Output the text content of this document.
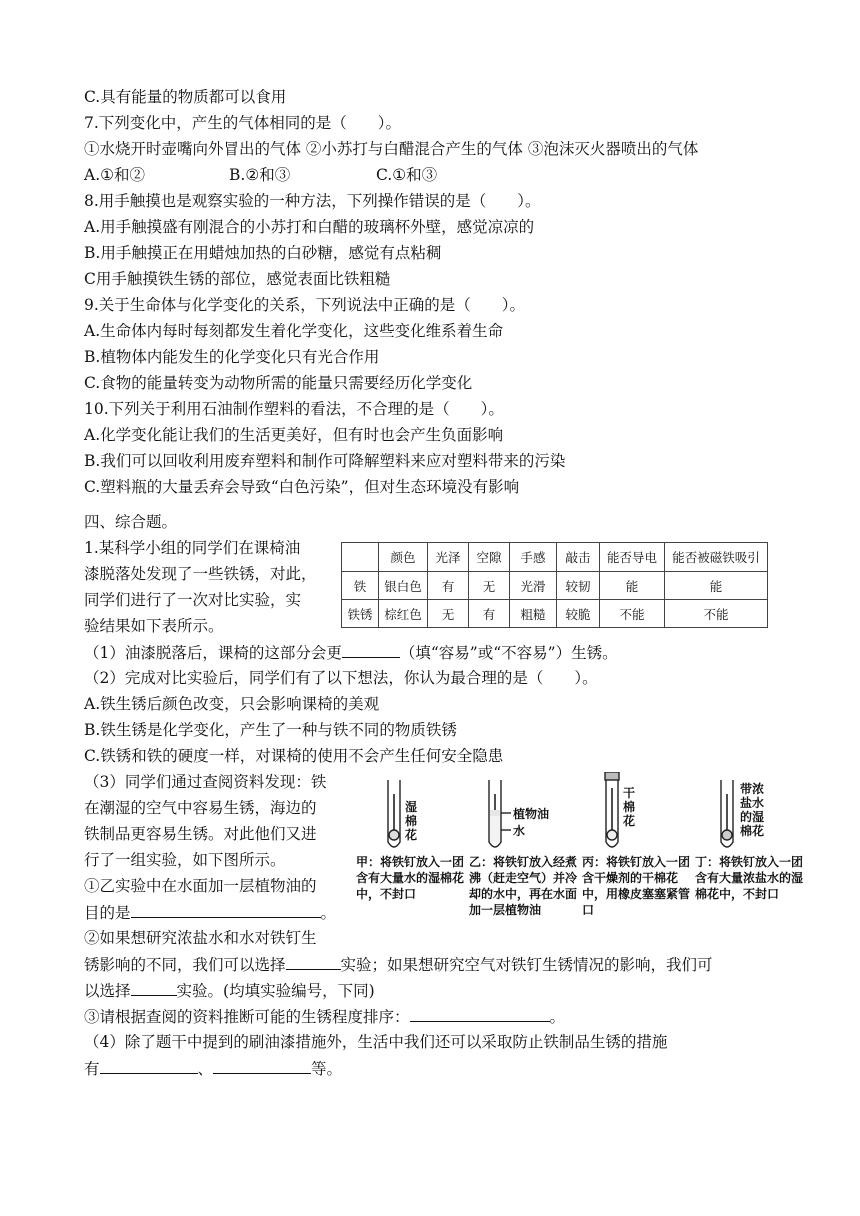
C.具有能量的物质都可以食用
7.下列变化中，产生的气体相同的是（　　）。
①水烧开时壶嘴向外冒出的气体 ②小苏打与白醋混合产生的气体 ③泡沫灭火器喷出的气体
A.①和②	B.②和③	C.①和③
8.用手触摸也是观察实验的一种方法，下列操作错误的是（　　）。
A.用手触摸盛有刚混合的小苏打和白醋的玻璃杯外壁，感觉凉凉的
B.用手触摸正在用蜡烛加热的白砂糖，感觉有点粘稠
C用手触摸铁生锈的部位，感觉表面比铁粗糙
9.关于生命体与化学变化的关系，下列说法中正确的是（　　）。
A.生命体内每时每刻都发生着化学变化，这些变化维系着生命
B.植物体内能发生的化学变化只有光合作用
C.食物的能量转变为动物所需的能量只需要经历化学变化
10.下列关于利用石油制作塑料的看法，不合理的是（　　）。
A.化学变化能让我们的生活更美好，但有时也会产生负面影响
B.我们可以回收利用废弃塑料和制作可降解塑料来应对塑料带来的污染
C.塑料瓶的大量丢弃会导致“白色污染”，但对生态环境没有影响
四、综合题。
1.某科学小组的同学们在课椅油
漆脱落处发现了一些铁锈，对此，
同学们进行了一次对比实验，实
验结果如下表所示。
	颜色	光泽	空隙	手感	敲击	能否导电	能否被磁铁吸引
铁	银白色	有	无	光滑	较韧	能	能
铁锈	棕红色	无	有	粗糙	较脆	不能	不能
（1）油漆脱落后，课椅的这部分会更	（填“容易”或“不容易”）生锈。
（2）完成对比实验后，同学们有了以下想法，你认为最合理的是（　　）。
A.铁生锈后颜色改变，只会影响课椅的美观
B.铁生锈是化学变化，产生了一种与铁不同的物质铁锈
C.铁锈和铁的硬度一样，对课椅的使用不会产生任何安全隐患
（3）同学们通过查阅资料发现：铁
在潮湿的空气中容易生锈，海边的
铁制品更容易生锈。对此他们又进
行了一组实验，如下图所示。
①乙实验中在水面加一层植物油的
目的是	。
②如果想研究浓盐水和水对铁钉生
锈影响的不同，我们可以选择	实验；如果想研究空气对铁钉生锈情况的影响，我们可
以选择	实验。(均填实验编号，下同)
③请根据查阅的资料推断可能的生锈程度排序：	。
（4）除了题干中提到的刷油漆措施外，生活中我们还可以采取防止铁制品生锈的措施
有	、	等。
湿棉花
植物油
水
干棉花
带浓盐水的湿棉花
甲：将铁钉放入一团含有大量水的湿棉花中，不封口
乙：将铁钉放入经煮沸（赶走空气）并冷却的水中，再在水面加一层植物油
丙：将铁钉放入一团含干燥剂的干棉花中，用橡皮塞塞紧管口
丁：将铁钉放入一团含有大量浓盐水的湿棉花中，不封口
